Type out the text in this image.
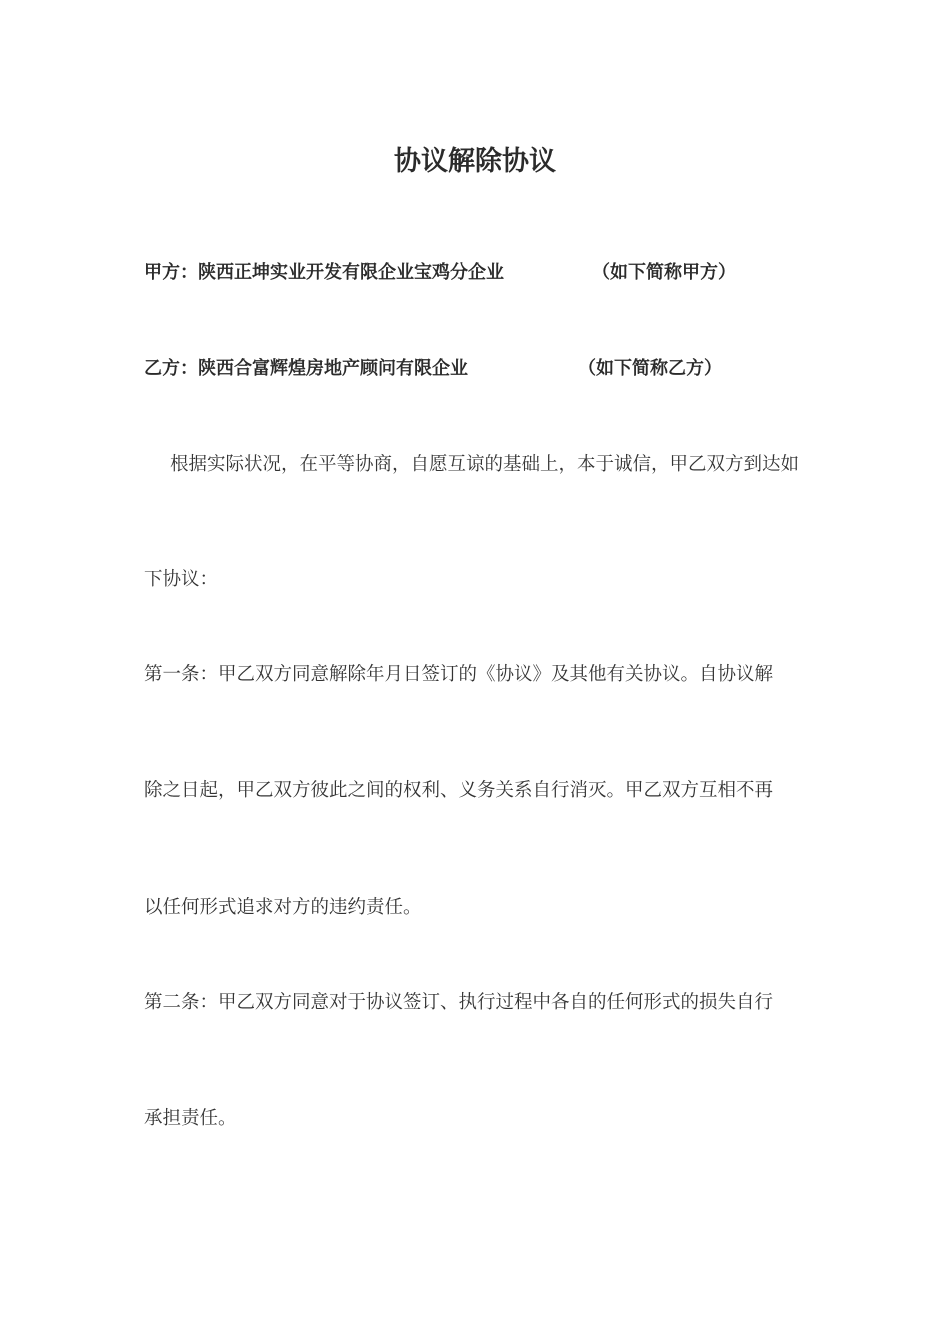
协议解除协议
甲方：陕西正坤实业开发有限企业宝鸡分企业	（如下简称甲方）
乙方：陕西合富辉煌房地产顾问有限企业	（如下简称乙方）
根据实际状况，在平等协商，自愿互谅的基础上，本于诚信，甲乙双方到达如
下协议：
第一条：甲乙双方同意解除年月日签订的《协议》及其他有关协议。自协议解
除之日起，甲乙双方彼此之间的权利、义务关系自行消灭。甲乙双方互相不再
以任何形式追求对方的违约责任。
第二条：甲乙双方同意对于协议签订、执行过程中各自的任何形式的损失自行
承担责任。
